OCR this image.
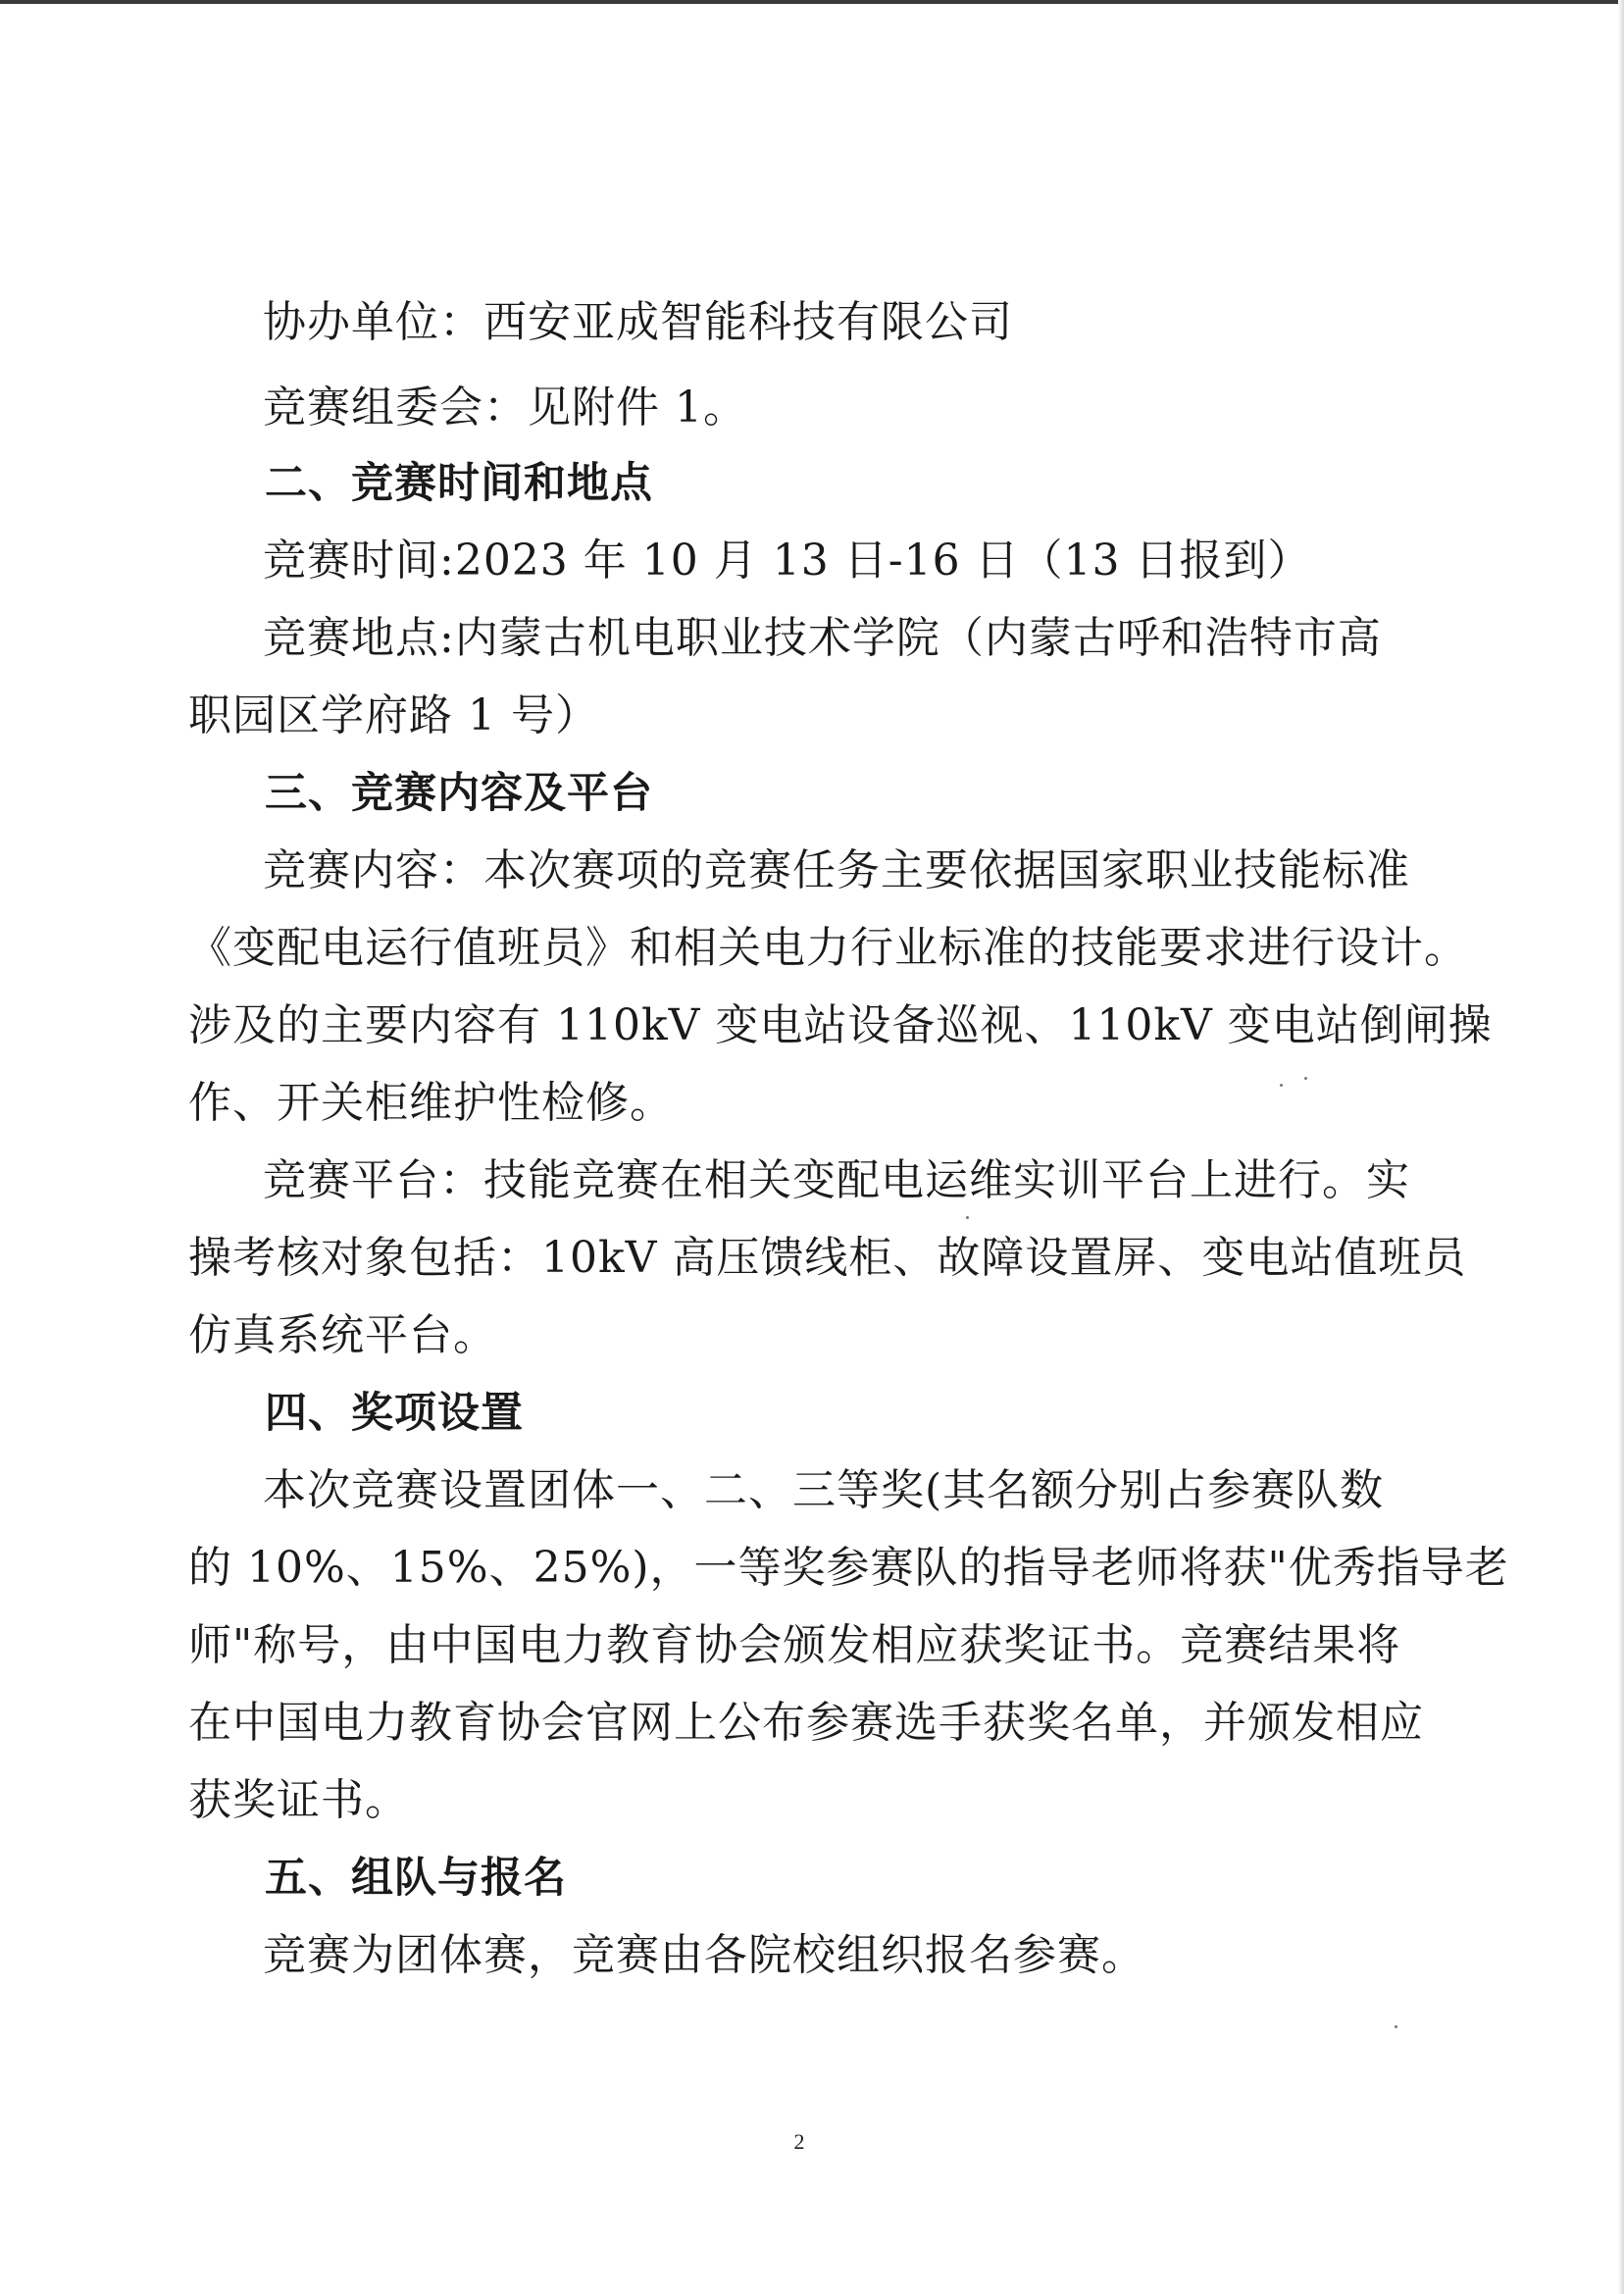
协办单位：西安亚成智能科技有限公司
竞赛组委会：见附件 1。
二、竞赛时间和地点
竞赛时间:2023 年 10 月 13 日-16 日（13 日报到）
竞赛地点:内蒙古机电职业技术学院（内蒙古呼和浩特市高
职园区学府路 1 号）
三、竞赛内容及平台
竞赛内容：本次赛项的竞赛任务主要依据国家职业技能标准
《变配电运行值班员》和相关电力行业标准的技能要求进行设计。
涉及的主要内容有 110kV 变电站设备巡视、110kV 变电站倒闸操
作、开关柜维护性检修。
竞赛平台：技能竞赛在相关变配电运维实训平台上进行。实
操考核对象包括：10kV 高压馈线柜、故障设置屏、变电站值班员
仿真系统平台。
四、奖项设置
本次竞赛设置团体一、二、三等奖(其名额分别占参赛队数
的 10%、15%、25%)，一等奖参赛队的指导老师将获"优秀指导老
师"称号，由中国电力教育协会颁发相应获奖证书。竞赛结果将
在中国电力教育协会官网上公布参赛选手获奖名单，并颁发相应
获奖证书。
五、组队与报名
竞赛为团体赛，竞赛由各院校组织报名参赛。
2
